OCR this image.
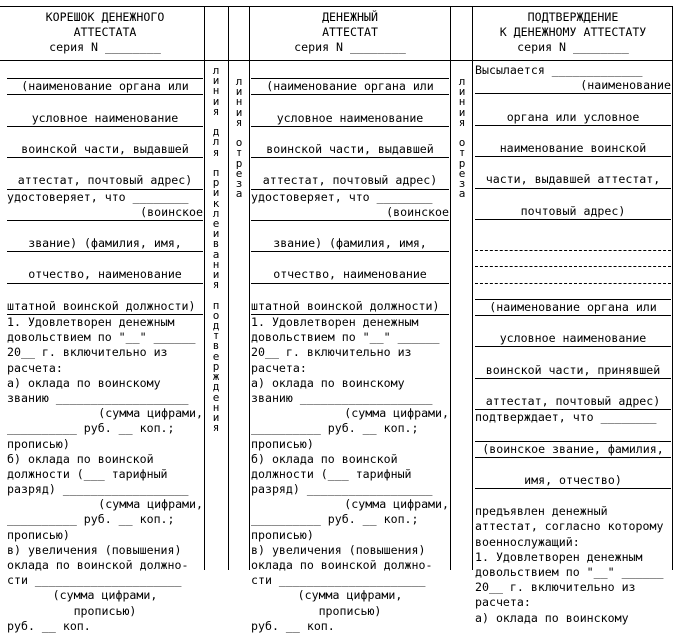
КОРЕШОК ДЕНЕЖНОГО
АТТЕСТАТА
серия N ________

(наименование органа или

условное наименование

воинской части, выдавшей

аттестат, почтовый адрес)
удостоверяет, что ________
(воинское

звание) (фамилия, имя,

отчество, наименование

штатной воинской должности)
1. Удовлетворен денежным
довольствием по "__" ______
20__ г. включительно из
расчета:
а) оклада по воинскому
званию ___________________
(сумма цифрами,
__________ руб. __ коп.;
прописью)
б) оклада по воинской
должности (___ тарифный
разряд) __________________
(сумма цифрами,
__________ руб. __ коп.;
прописью)
в) увеличения (повышения)
оклада по воинской должно-
сти _____________________
(сумма цифрами,
прописью)
руб. __ коп.
л
и
н
и
я

д
л
я

п
р
и
к
л
е
и
в
а
н
и
я

п
о
д
т
в
е
р
ж
д
е
н
и
я
л
и
н
и
я

о
т
р
е
з
а
ДЕНЕЖНЫЙ
АТТЕСТАТ
серия N ________

(наименование органа или

условное наименование

воинской части, выдавшей

аттестат, почтовый адрес)
удостоверяет, что ________
(воинское

звание) (фамилия, имя,

отчество, наименование

штатной воинской должности)
1. Удовлетворен денежным
довольствием по "__" ______
20__ г. включительно из
расчета:
а) оклада по воинскому
званию ___________________
(сумма цифрами,
__________ руб. __ коп.;
прописью)
б) оклада по воинской
должности (___ тарифный
разряд) __________________
(сумма цифрами,
__________ руб. __ коп.;
прописью)
в) увеличения (повышения)
оклада по воинской должно-
сти _____________________
(сумма цифрами,
прописью)
руб. __ коп.
л
и
н
и
я

о
т
р
е
з
а
ПОДТВЕРЖДЕНИЕ
К ДЕНЕЖНОМУ АТТЕСТАТУ
серия N ________
Высылается _____________
(наименование

органа или условное

наименование воинской

части, выдавшей аттестат,

почтовый адрес)

(наименование органа или

условное наименование

воинской части, принявшей

аттестат, почтовый адрес)
подтверждает, что ________

(воинское звание, фамилия,

имя, отчество)

предъявлен денежный
аттестат, согласно которому
военнослужащий:
1. Удовлетворен денежным
довольствием по "__" ______
20__ г. включительно из
расчета:
а) оклада по воинскому
